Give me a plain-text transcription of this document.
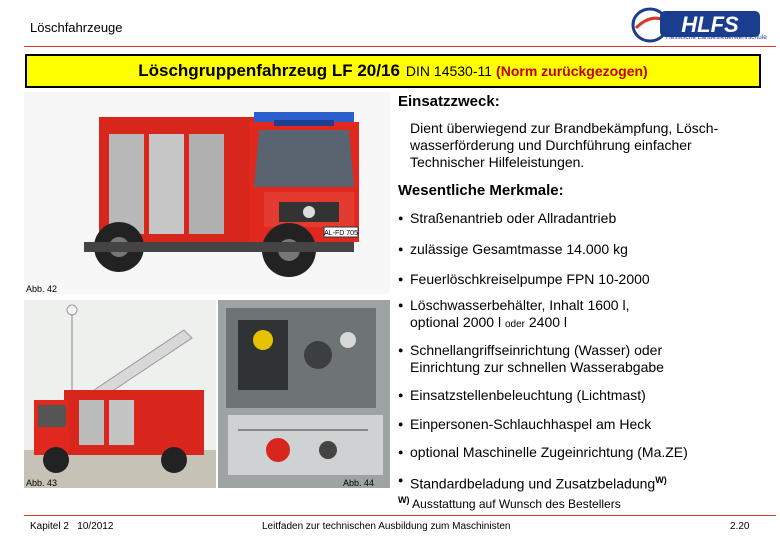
Löschfahrzeuge	HLFS
Hessische Landesfeuerwehrschule
Löschgruppenfahrzeug LF 20/16 DIN 14530-11 (Norm zurückgezogen)
AL-FD 705
Abb. 42
Abb. 43	Abb. 44
Einsatzzweck:
Dient überwiegend zur Brandbekämpfung, Lösch-
wasserförderung und Durchführung einfacher
Technischer Hilfeleistungen.
Wesentliche Merkmale:
● Straßenantrieb oder Allradantrieb
● zulässige Gesamtmasse 14.000 kg
● Feuerlöschkreiselpumpe FPN 10-2000
● Löschwasserbehälter, Inhalt 1600 l,
optional 2000 l oder 2400 l
● Schnellangriffseinrichtung (Wasser) oder
Einrichtung zur schnellen Wasserabgabe
● Einsatzstellenbeleuchtung (Lichtmast)
● Einpersonen-Schlauchhaspel am Heck
● optional Maschinelle Zugeinrichtung (Ma.ZE)
● Standardbeladung und Zusatzbeladung$^{W)}$
$^{W)}$ Ausstattung auf Wunsch des Bestellers
Kapitel 2 10/2012	Leitfaden zur technischen Ausbildung zum Maschinisten	2.20
